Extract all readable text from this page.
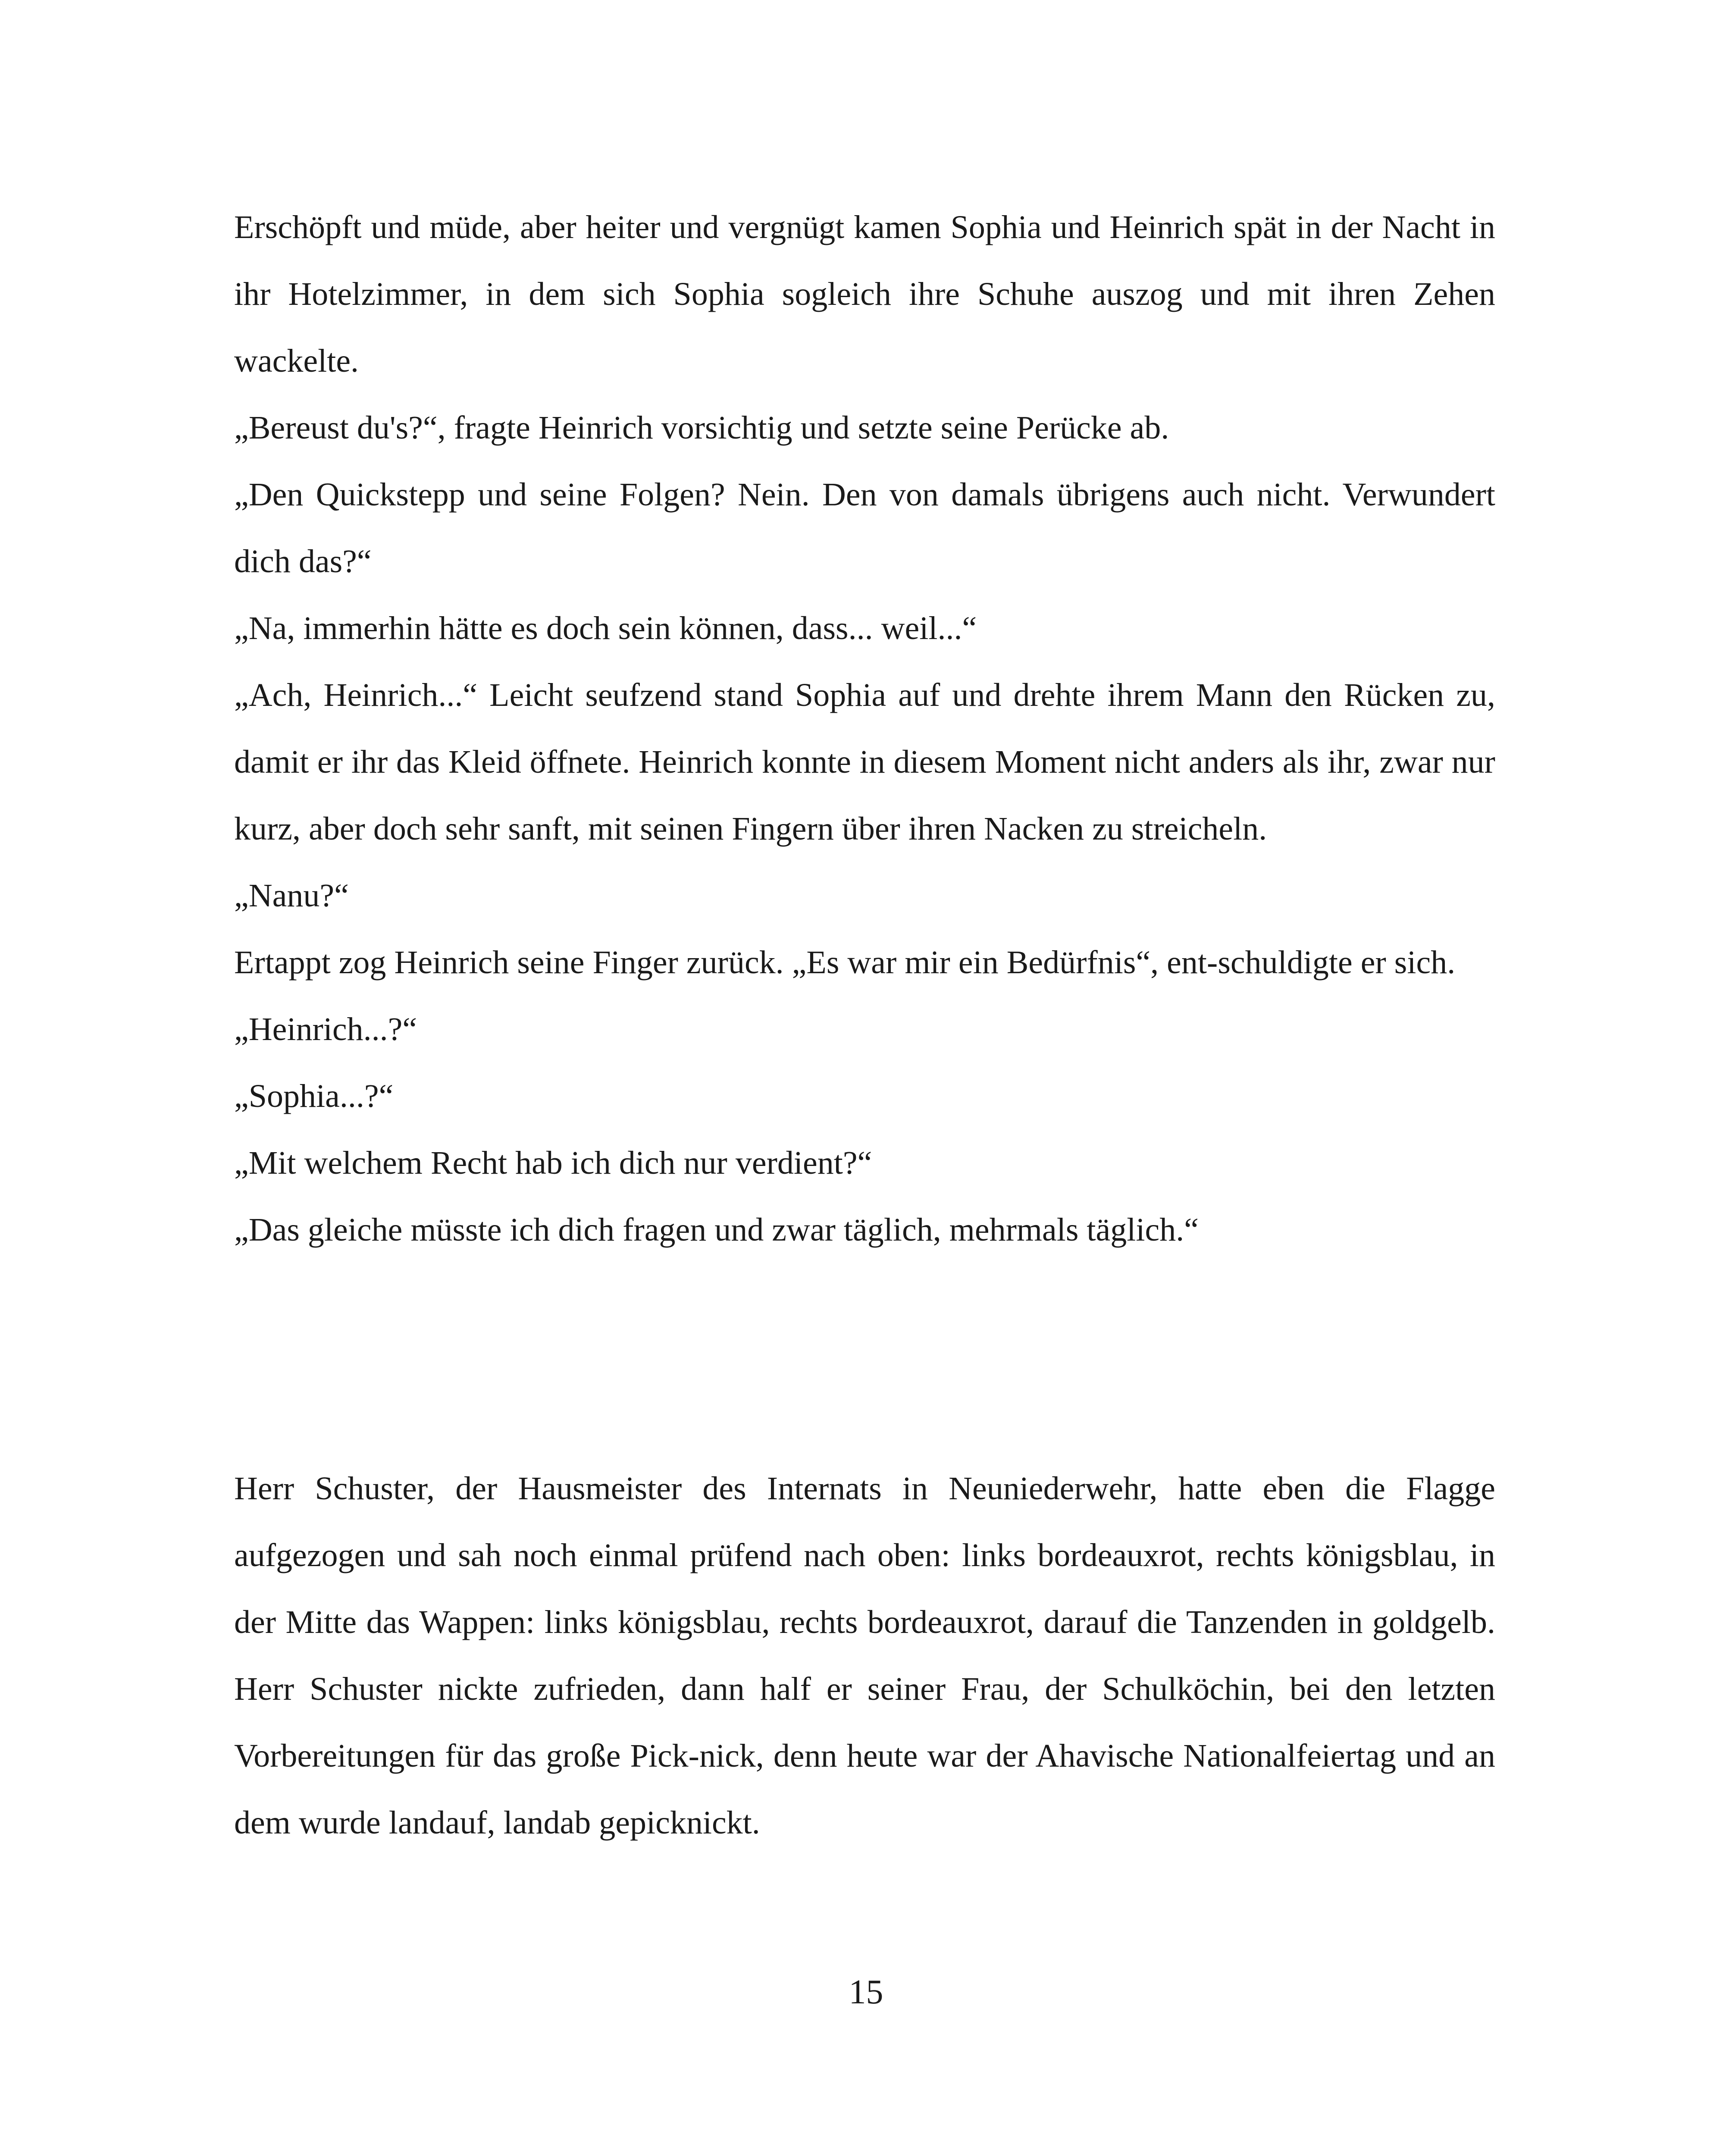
Erschöpft und müde, aber heiter und vergnügt kamen Sophia und Heinrich spät in der Nacht in ihr Hotelzimmer, in dem sich Sophia sogleich ihre Schuhe auszog und mit ihren Zehen wackelte.

„Bereust du's?“, fragte Heinrich vorsichtig und setzte seine Perücke ab.

„Den Quickstepp und seine Folgen? Nein. Den von damals übrigens auch nicht. Verwundert dich das?“

„Na, immerhin hätte es doch sein können, dass... weil...“

„Ach, Heinrich...“ Leicht seufzend stand Sophia auf und drehte ihrem Mann den Rücken zu, damit er ihr das Kleid öffnete. Heinrich konnte in diesem Moment nicht anders als ihr, zwar nur kurz, aber doch sehr sanft, mit seinen Fingern über ihren Nacken zu streicheln.

„Nanu?“

Ertappt zog Heinrich seine Finger zurück. „Es war mir ein Bedürfnis“, ent-schuldigte er sich.

„Heinrich...?“

„Sophia...?“

„Mit welchem Recht hab ich dich nur verdient?“

„Das gleiche müsste ich dich fragen und zwar täglich, mehrmals täglich.“

Herr Schuster, der Hausmeister des Internats in Neuniederwehr, hatte eben die Flagge aufgezogen und sah noch einmal prüfend nach oben: links bordeauxrot, rechts königsblau, in der Mitte das Wappen: links königsblau, rechts bordeauxrot, darauf die Tanzenden in goldgelb. Herr Schuster nickte zufrieden, dann half er seiner Frau, der Schulköchin, bei den letzten Vorbereitungen für das große Pick-nick, denn heute war der Ahavische Nationalfeiertag und an dem wurde landauf, landab gepicknickt.

15
